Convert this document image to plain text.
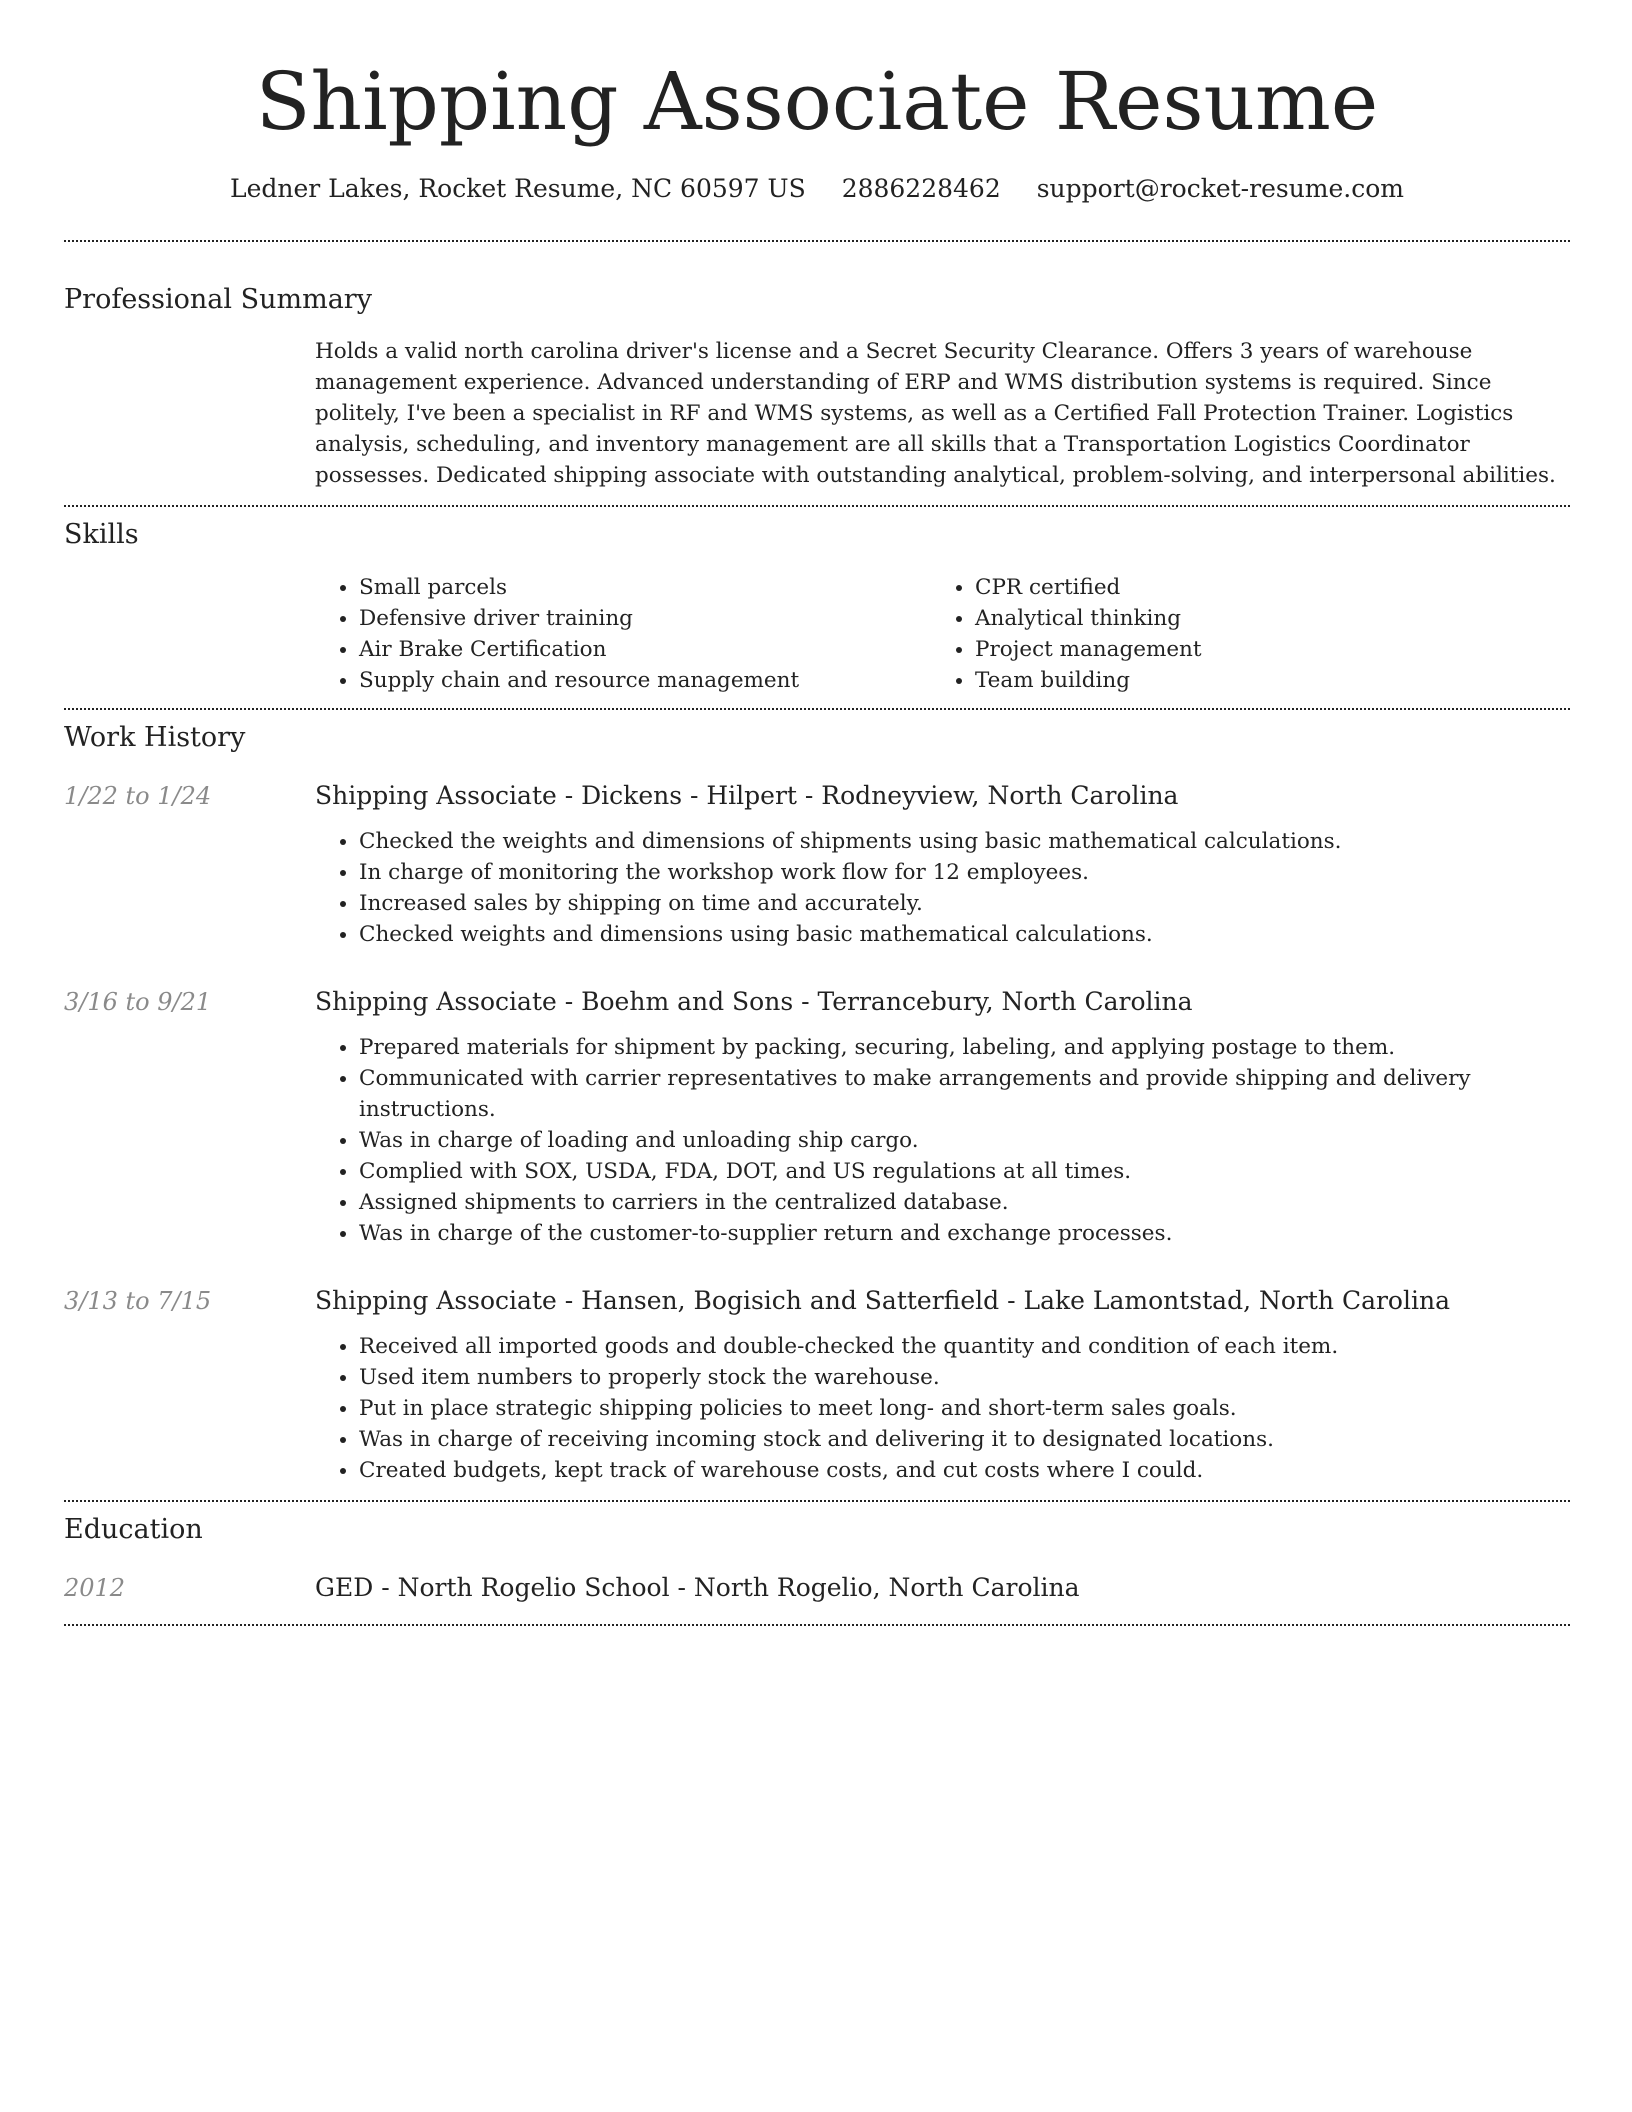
Shipping Associate Resume
Ledner Lakes, Rocket Resume, NC 60597 US 2886228462 support@rocket-resume.com
Professional Summary

Holds a valid north carolina driver's license and a Secret Security Clearance. Offers 3 years of warehouse management experience. Advanced understanding of ERP and WMS distribution systems is required. Since politely, I've been a specialist in RF and WMS systems, as well as a Certified Fall Protection Trainer. Logistics analysis, scheduling, and inventory management are all skills that a Transportation Logistics Coordinator possesses. Dedicated shipping associate with outstanding analytical, problem-solving, and interpersonal abilities.

Skills
• Small parcels
• Defensive driver training
• Air Brake Certification
• Supply chain and resource management
• CPR certified
• Analytical thinking
• Project management
• Team building
Work History
1/22 to 1/24	Shipping Associate - Dickens - Hilpert - Rodneyview, North Carolina
• Checked the weights and dimensions of shipments using basic mathematical calculations.
• In charge of monitoring the workshop work flow for 12 employees.
• Increased sales by shipping on time and accurately.
• Checked weights and dimensions using basic mathematical calculations.
3/16 to 9/21	Shipping Associate - Boehm and Sons - Terrancebury, North Carolina
• Prepared materials for shipment by packing, securing, labeling, and applying postage to them.
• Communicated with carrier representatives to make arrangements and provide shipping and delivery instructions.
• Was in charge of loading and unloading ship cargo.
• Complied with SOX, USDA, FDA, DOT, and US regulations at all times.
• Assigned shipments to carriers in the centralized database.
• Was in charge of the customer-to-supplier return and exchange processes.
3/13 to 7/15	Shipping Associate - Hansen, Bogisich and Satterfield - Lake Lamontstad, North Carolina
• Received all imported goods and double-checked the quantity and condition of each item.
• Used item numbers to properly stock the warehouse.
• Put in place strategic shipping policies to meet long- and short-term sales goals.
• Was in charge of receiving incoming stock and delivering it to designated locations.
• Created budgets, kept track of warehouse costs, and cut costs where I could.
Education
2012	GED - North Rogelio School - North Rogelio, North Carolina
